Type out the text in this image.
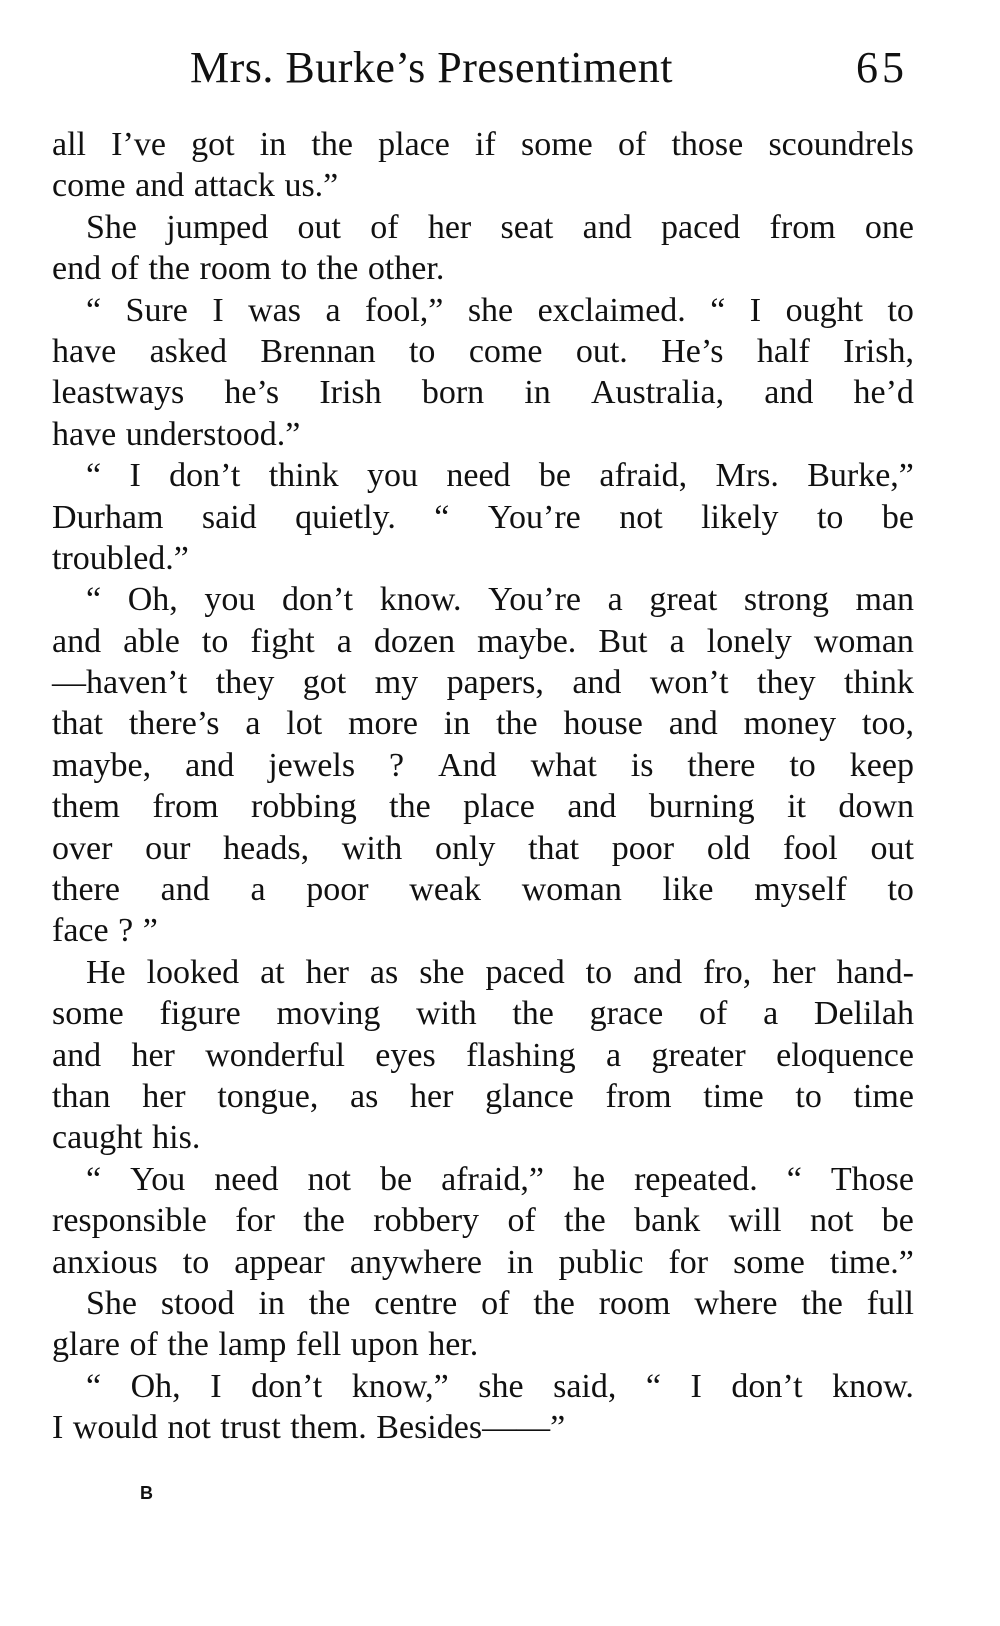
Mrs. Burke’s Presentiment	65
all I’ve got in the place if some of those scoundrels
come and attack us.”
She jumped out of her seat and paced from one
end of the room to the other.
“ Sure I was a fool,” she exclaimed. “ I ought to
have asked Brennan to come out. He’s half Irish,
leastways he’s Irish born in Australia, and he’d
have understood.”
“ I don’t think you need be afraid, Mrs. Burke,”
Durham said quietly. “ You’re not likely to be
troubled.”
“ Oh, you don’t know. You’re a great strong man
and able to fight a dozen maybe. But a lonely woman
—haven’t they got my papers, and won’t they think
that there’s a lot more in the house and money too,
maybe, and jewels ? And what is there to keep
them from robbing the place and burning it down
over our heads, with only that poor old fool out
there and a poor weak woman like myself to
face ? ”
He looked at her as she paced to and fro, her hand-
some figure moving with the grace of a Delilah
and her wonderful eyes flashing a greater eloquence
than her tongue, as her glance from time to time
caught his.
“ You need not be afraid,” he repeated. “ Those
responsible for the robbery of the bank will not be
anxious to appear anywhere in public for some time.”
She stood in the centre of the room where the full
glare of the lamp fell upon her.
“ Oh, I don’t know,” she said, “ I don’t know.
I would not trust them. Besides——”
B
